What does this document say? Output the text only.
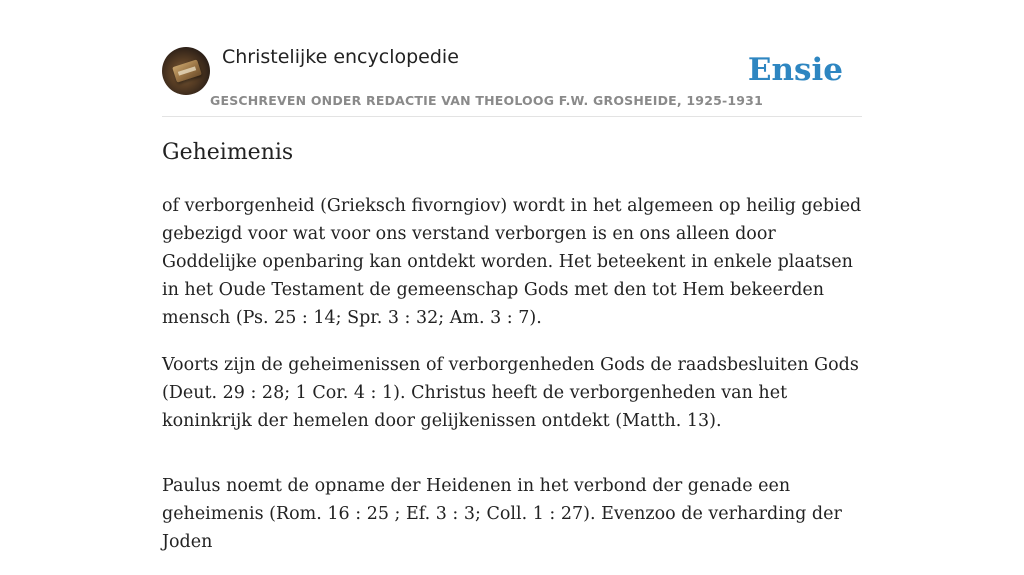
Christelijke encyclopedie
GESCHREVEN ONDER REDACTIE VAN THEOLOOG F.W. GROSHEIDE, 1925-1931
Ensie
Geheimenis

of verborgenheid (Grieksch fivorngiov) wordt in het algemeen op heilig gebied gebezigd voor wat voor ons verstand verborgen is en ons alleen door Goddelijke openbaring kan ontdekt worden. Het beteekent in enkele plaatsen in het Oude Testament de gemeenschap Gods met den tot Hem bekeerden mensch (Ps. 25 : 14; Spr. 3 : 32; Am. 3 : 7).

Voorts zijn de geheimenissen of verborgenheden Gods de raadsbesluiten Gods (Deut. 29 : 28; 1 Cor. 4 : 1). Christus heeft de verborgenheden van het koninkrijk der hemelen door gelijkenissen ontdekt (Matth. 13).

Paulus noemt de opname der Heidenen in het verbond der genade een geheimenis (Rom. 16 : 25 ; Ef. 3 : 3; Coll. 1 : 27). Evenzoo de verharding der Joden
